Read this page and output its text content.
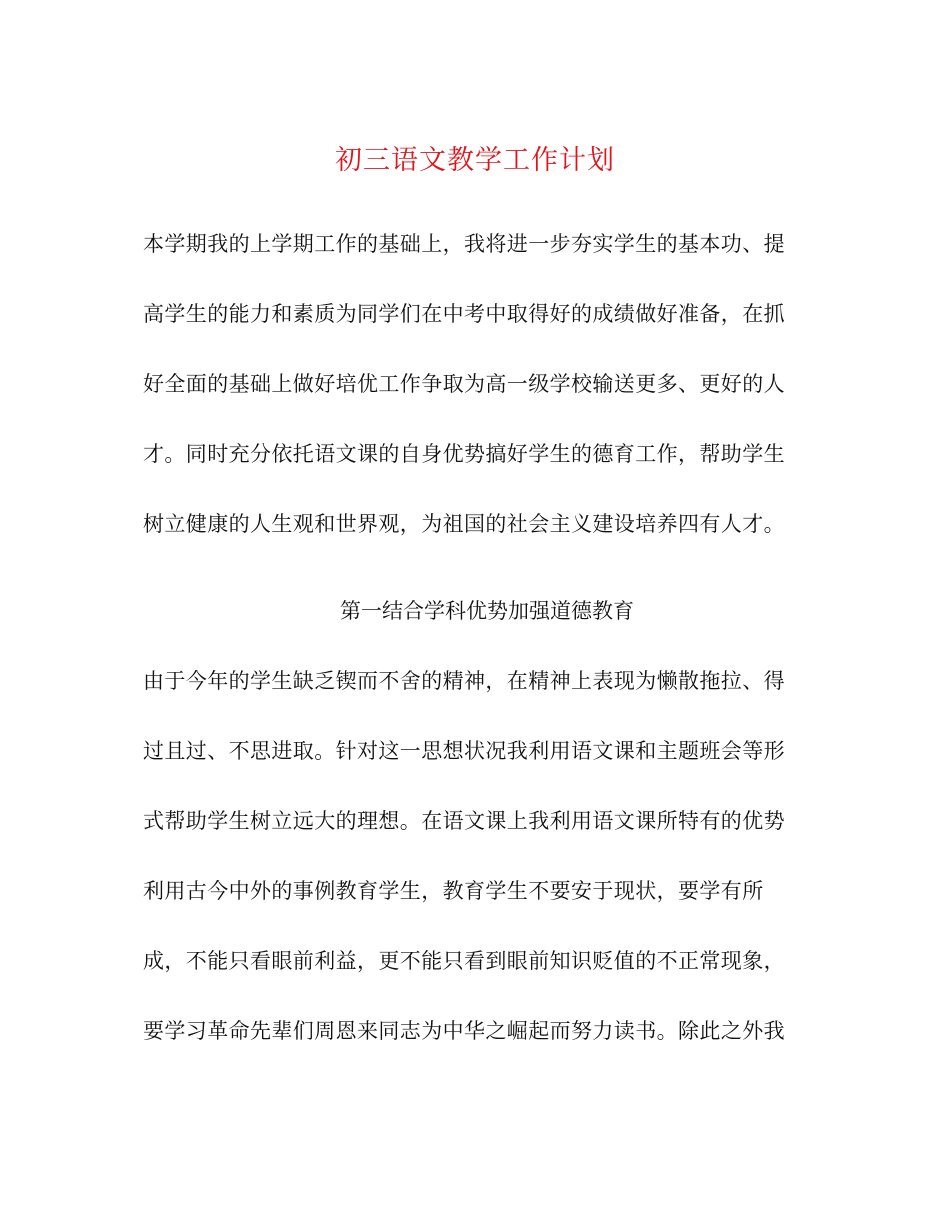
初三语文教学工作计划
本学期我的上学期工作的基础上，我将进一步夯实学生的基本功、提
高学生的能力和素质为同学们在中考中取得好的成绩做好准备，在抓
好全面的基础上做好培优工作争取为高一级学校输送更多、更好的人
才。同时充分依托语文课的自身优势搞好学生的德育工作，帮助学生
树立健康的人生观和世界观，为祖国的社会主义建设培养四有人才。
第一结合学科优势加强道德教育
由于今年的学生缺乏锲而不舍的精神，在精神上表现为懒散拖拉、得
过且过、不思进取。针对这一思想状况我利用语文课和主题班会等形
式帮助学生树立远大的理想。在语文课上我利用语文课所特有的优势
利用古今中外的事例教育学生，教育学生不要安于现状，要学有所
成，不能只看眼前利益，更不能只看到眼前知识贬值的不正常现象，
要学习革命先辈们周恩来同志为中华之崛起而努力读书。除此之外我
